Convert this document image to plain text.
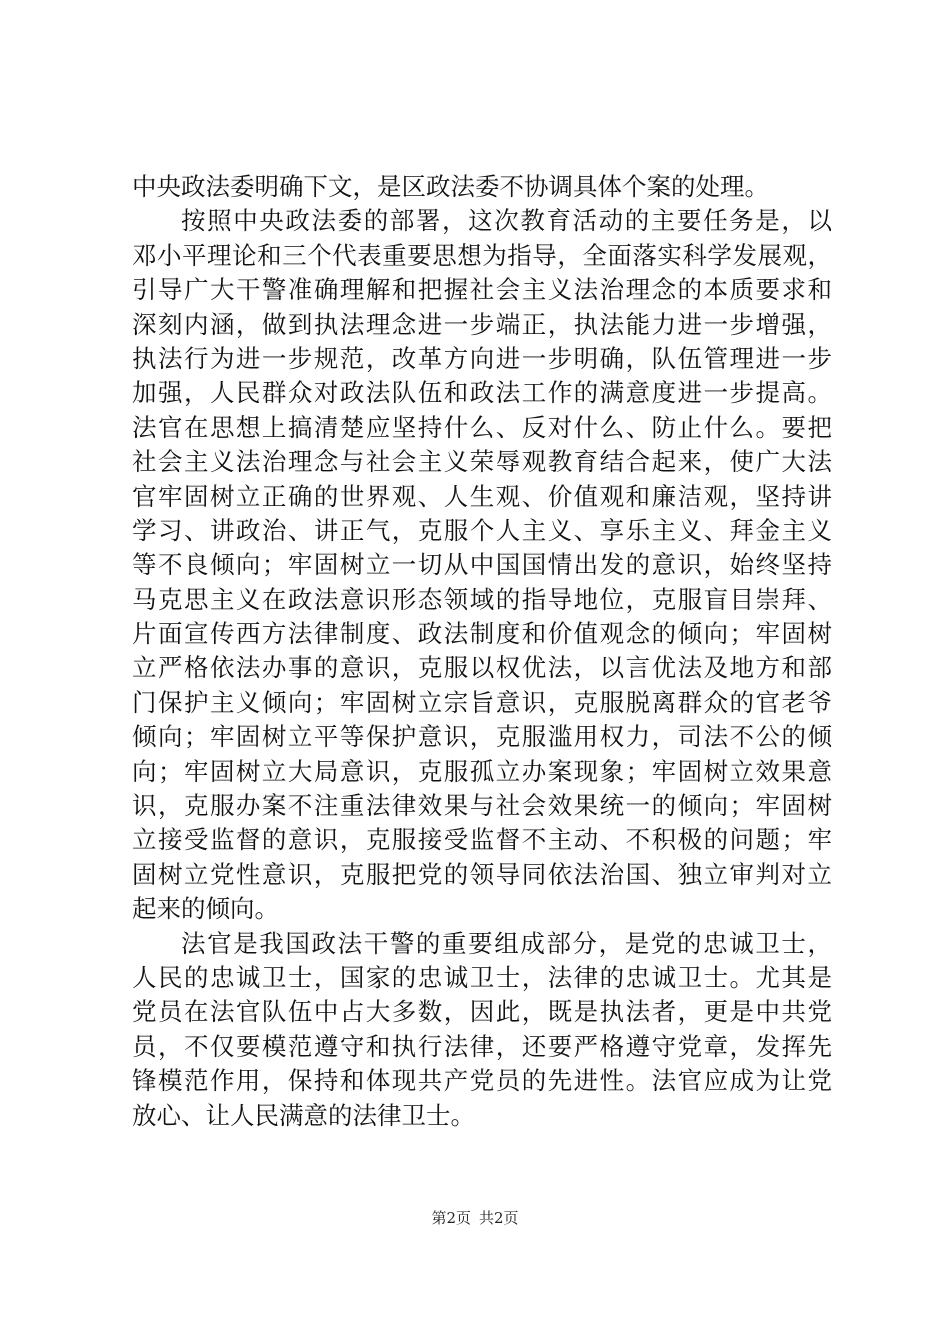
中央政法委明确下文，是区政法委不协调具体个案的处理。
按照中央政法委的部署，这次教育活动的主要任务是，以
邓小平理论和三个代表重要思想为指导，全面落实科学发展观，
引导广大干警准确理解和把握社会主义法治理念的本质要求和
深刻内涵，做到执法理念进一步端正，执法能力进一步增强，
执法行为进一步规范，改革方向进一步明确，队伍管理进一步
加强，人民群众对政法队伍和政法工作的满意度进一步提高。
法官在思想上搞清楚应坚持什么、反对什么、防止什么。要把
社会主义法治理念与社会主义荣辱观教育结合起来，使广大法
官牢固树立正确的世界观、人生观、价值观和廉洁观，坚持讲
学习、讲政治、讲正气，克服个人主义、享乐主义、拜金主义
等不良倾向；牢固树立一切从中国国情出发的意识，始终坚持
马克思主义在政法意识形态领域的指导地位，克服盲目崇拜、
片面宣传西方法律制度、政法制度和价值观念的倾向；牢固树
立严格依法办事的意识，克服以权优法，以言优法及地方和部
门保护主义倾向；牢固树立宗旨意识，克服脱离群众的官老爷
倾向；牢固树立平等保护意识，克服滥用权力，司法不公的倾
向；牢固树立大局意识，克服孤立办案现象；牢固树立效果意
识，克服办案不注重法律效果与社会效果统一的倾向；牢固树
立接受监督的意识，克服接受监督不主动、不积极的问题；牢
固树立党性意识，克服把党的领导同依法治国、独立审判对立
起来的倾向。
法官是我国政法干警的重要组成部分，是党的忠诚卫士，
人民的忠诚卫士，国家的忠诚卫士，法律的忠诚卫士。尤其是
党员在法官队伍中占大多数，因此，既是执法者，更是中共党
员，不仅要模范遵守和执行法律，还要严格遵守党章，发挥先
锋模范作用，保持和体现共产党员的先进性。法官应成为让党
放心、让人民满意的法律卫士。
第2页 共2页
